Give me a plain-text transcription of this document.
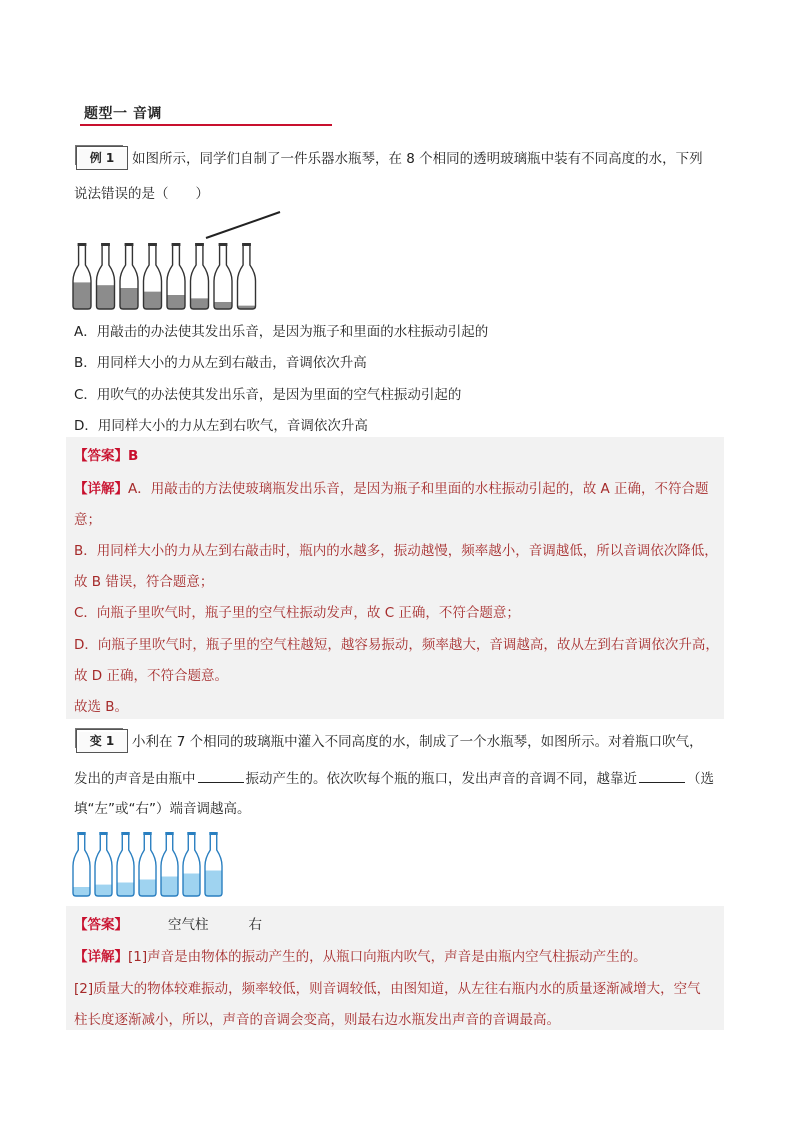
题型一 音调
例 1	如图所示，同学们自制了一件乐器水瓶琴，在 8 个相同的透明玻璃瓶中装有不同高度的水，下列
说法错误的是（　　）
A．用敲击的办法使其发出乐音，是因为瓶子和里面的水柱振动引起的
B．用同样大小的力从左到右敲击，音调依次升高
C．用吹气的办法使其发出乐音，是因为里面的空气柱振动引起的
D．用同样大小的力从左到右吹气，音调依次升高
【答案】B
【详解】A．用敲击的方法使玻璃瓶发出乐音，是因为瓶子和里面的水柱振动引起的，故 A 正确，不符合题
意；
B．用同样大小的力从左到右敲击时，瓶内的水越多，振动越慢，频率越小，音调越低，所以音调依次降低，
故 B 错误，符合题意；
C．向瓶子里吹气时，瓶子里的空气柱振动发声，故 C 正确，不符合题意；
D．向瓶子里吹气时，瓶子里的空气柱越短，越容易振动，频率越大，音调越高，故从左到右音调依次升高，
故 D 正确，不符合题意。
故选 B。
变 1	小利在 7 个相同的玻璃瓶中灌入不同高度的水，制成了一个水瓶琴，如图所示。对着瓶口吹气，
发出的声音是由瓶中	振动产生的。依次吹每个瓶的瓶口，发出声音的音调不同，越靠近	（选
填“左”或“右”）端音调越高。
【答案】	空气柱	右
【详解】[1]声音是由物体的振动产生的，从瓶口向瓶内吹气，声音是由瓶内空气柱振动产生的。
[2]质量大的物体较难振动，频率较低，则音调较低，由图知道，从左往右瓶内水的质量逐渐减增大，空气
柱长度逐渐减小，所以，声音的音调会变高，则最右边水瓶发出声音的音调最高。
